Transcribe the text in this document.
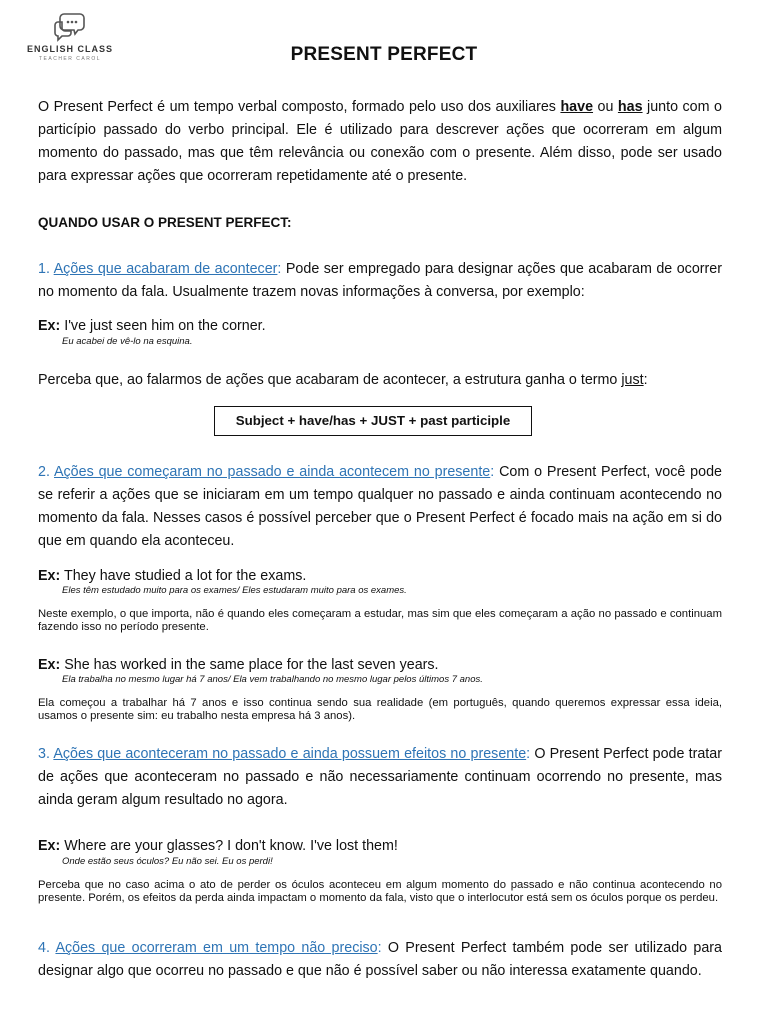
ENGLISH CLASS
TEACHER CAROL	PRESENT PERFECT
O Present Perfect é um tempo verbal composto, formado pelo uso dos auxiliares have ou has junto com o particípio passado do verbo principal. Ele é utilizado para descrever ações que ocorreram em algum momento do passado, mas que têm relevância ou conexão com o presente. Além disso, pode ser usado para expressar ações que ocorreram repetidamente até o presente.
QUANDO USAR O PRESENT PERFECT:
1. Ações que acabaram de acontecer: Pode ser empregado para designar ações que acabaram de ocorrer no momento da fala. Usualmente trazem novas informações à conversa, por exemplo:
Ex: I've just seen him on the corner.
Eu acabei de vê-lo na esquina.
Perceba que, ao falarmos de ações que acabaram de acontecer, a estrutura ganha o termo just:
Subject + have/has + JUST + past participle
2. Ações que começaram no passado e ainda acontecem no presente: Com o Present Perfect, você pode se referir a ações que se iniciaram em um tempo qualquer no passado e ainda continuam acontecendo no momento da fala. Nesses casos é possível perceber que o Present Perfect é focado mais na ação em si do que em quando ela aconteceu.
Ex: They have studied a lot for the exams.
Eles têm estudado muito para os exames/ Eles estudaram muito para os exames.
Neste exemplo, o que importa, não é quando eles começaram a estudar, mas sim que eles começaram a ação no passado e continuam fazendo isso no período presente.
Ex: She has worked in the same place for the last seven years.
Ela trabalha no mesmo lugar há 7 anos/ Ela vem trabalhando no mesmo lugar pelos últimos 7 anos.
Ela começou a trabalhar há 7 anos e isso continua sendo sua realidade (em português, quando queremos expressar essa ideia, usamos o presente sim: eu trabalho nesta empresa há 3 anos).
3. Ações que aconteceram no passado e ainda possuem efeitos no presente: O Present Perfect pode tratar de ações que aconteceram no passado e não necessariamente continuam ocorrendo no presente, mas ainda geram algum resultado no agora.
Ex: Where are your glasses? I don't know. I've lost them!
Onde estão seus óculos? Eu não sei. Eu os perdi!
Perceba que no caso acima o ato de perder os óculos aconteceu em algum momento do passado e não continua acontecendo no presente. Porém, os efeitos da perda ainda impactam o momento da fala, visto que o interlocutor está sem os óculos porque os perdeu.
4. Ações que ocorreram em um tempo não preciso: O Present Perfect também pode ser utilizado para designar algo que ocorreu no passado e que não é possível saber ou não interessa exatamente quando.
